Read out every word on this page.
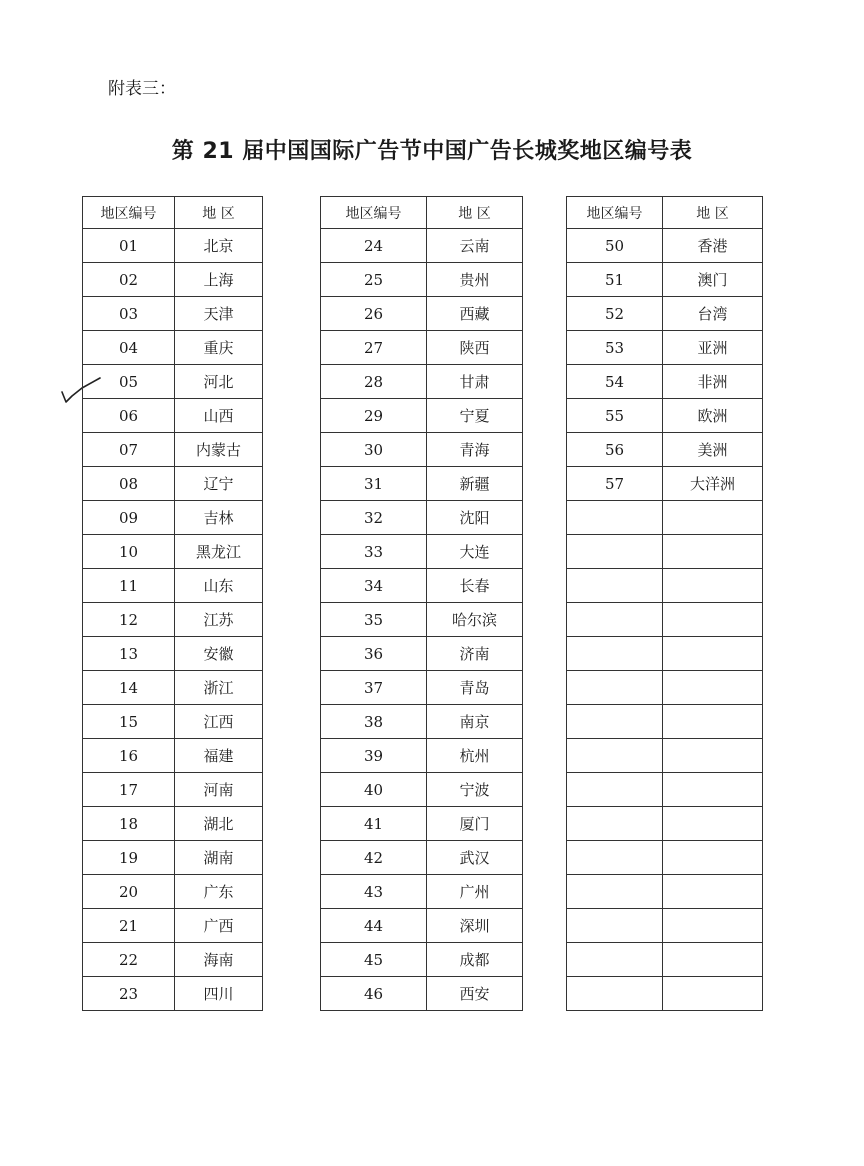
附表三：
第 21 届中国国际广告节中国广告长城奖地区编号表
地区编号	地 区
01	北京
02	上海
03	天津
04	重庆
05	河北
06	山西
07	内蒙古
08	辽宁
09	吉林
10	黑龙江
11	山东
12	江苏
13	安徽
14	浙江
15	江西
16	福建
17	河南
18	湖北
19	湖南
20	广东
21	广西
22	海南
23	四川
地区编号	地 区
24	云南
25	贵州
26	西藏
27	陕西
28	甘肃
29	宁夏
30	青海
31	新疆
32	沈阳
33	大连
34	长春
35	哈尔滨
36	济南
37	青岛
38	南京
39	杭州
40	宁波
41	厦门
42	武汉
43	广州
44	深圳
45	成都
46	西安
地区编号	地 区
50	香港
51	澳门
52	台湾
53	亚洲
54	非洲
55	欧洲
56	美洲
57	大洋洲
